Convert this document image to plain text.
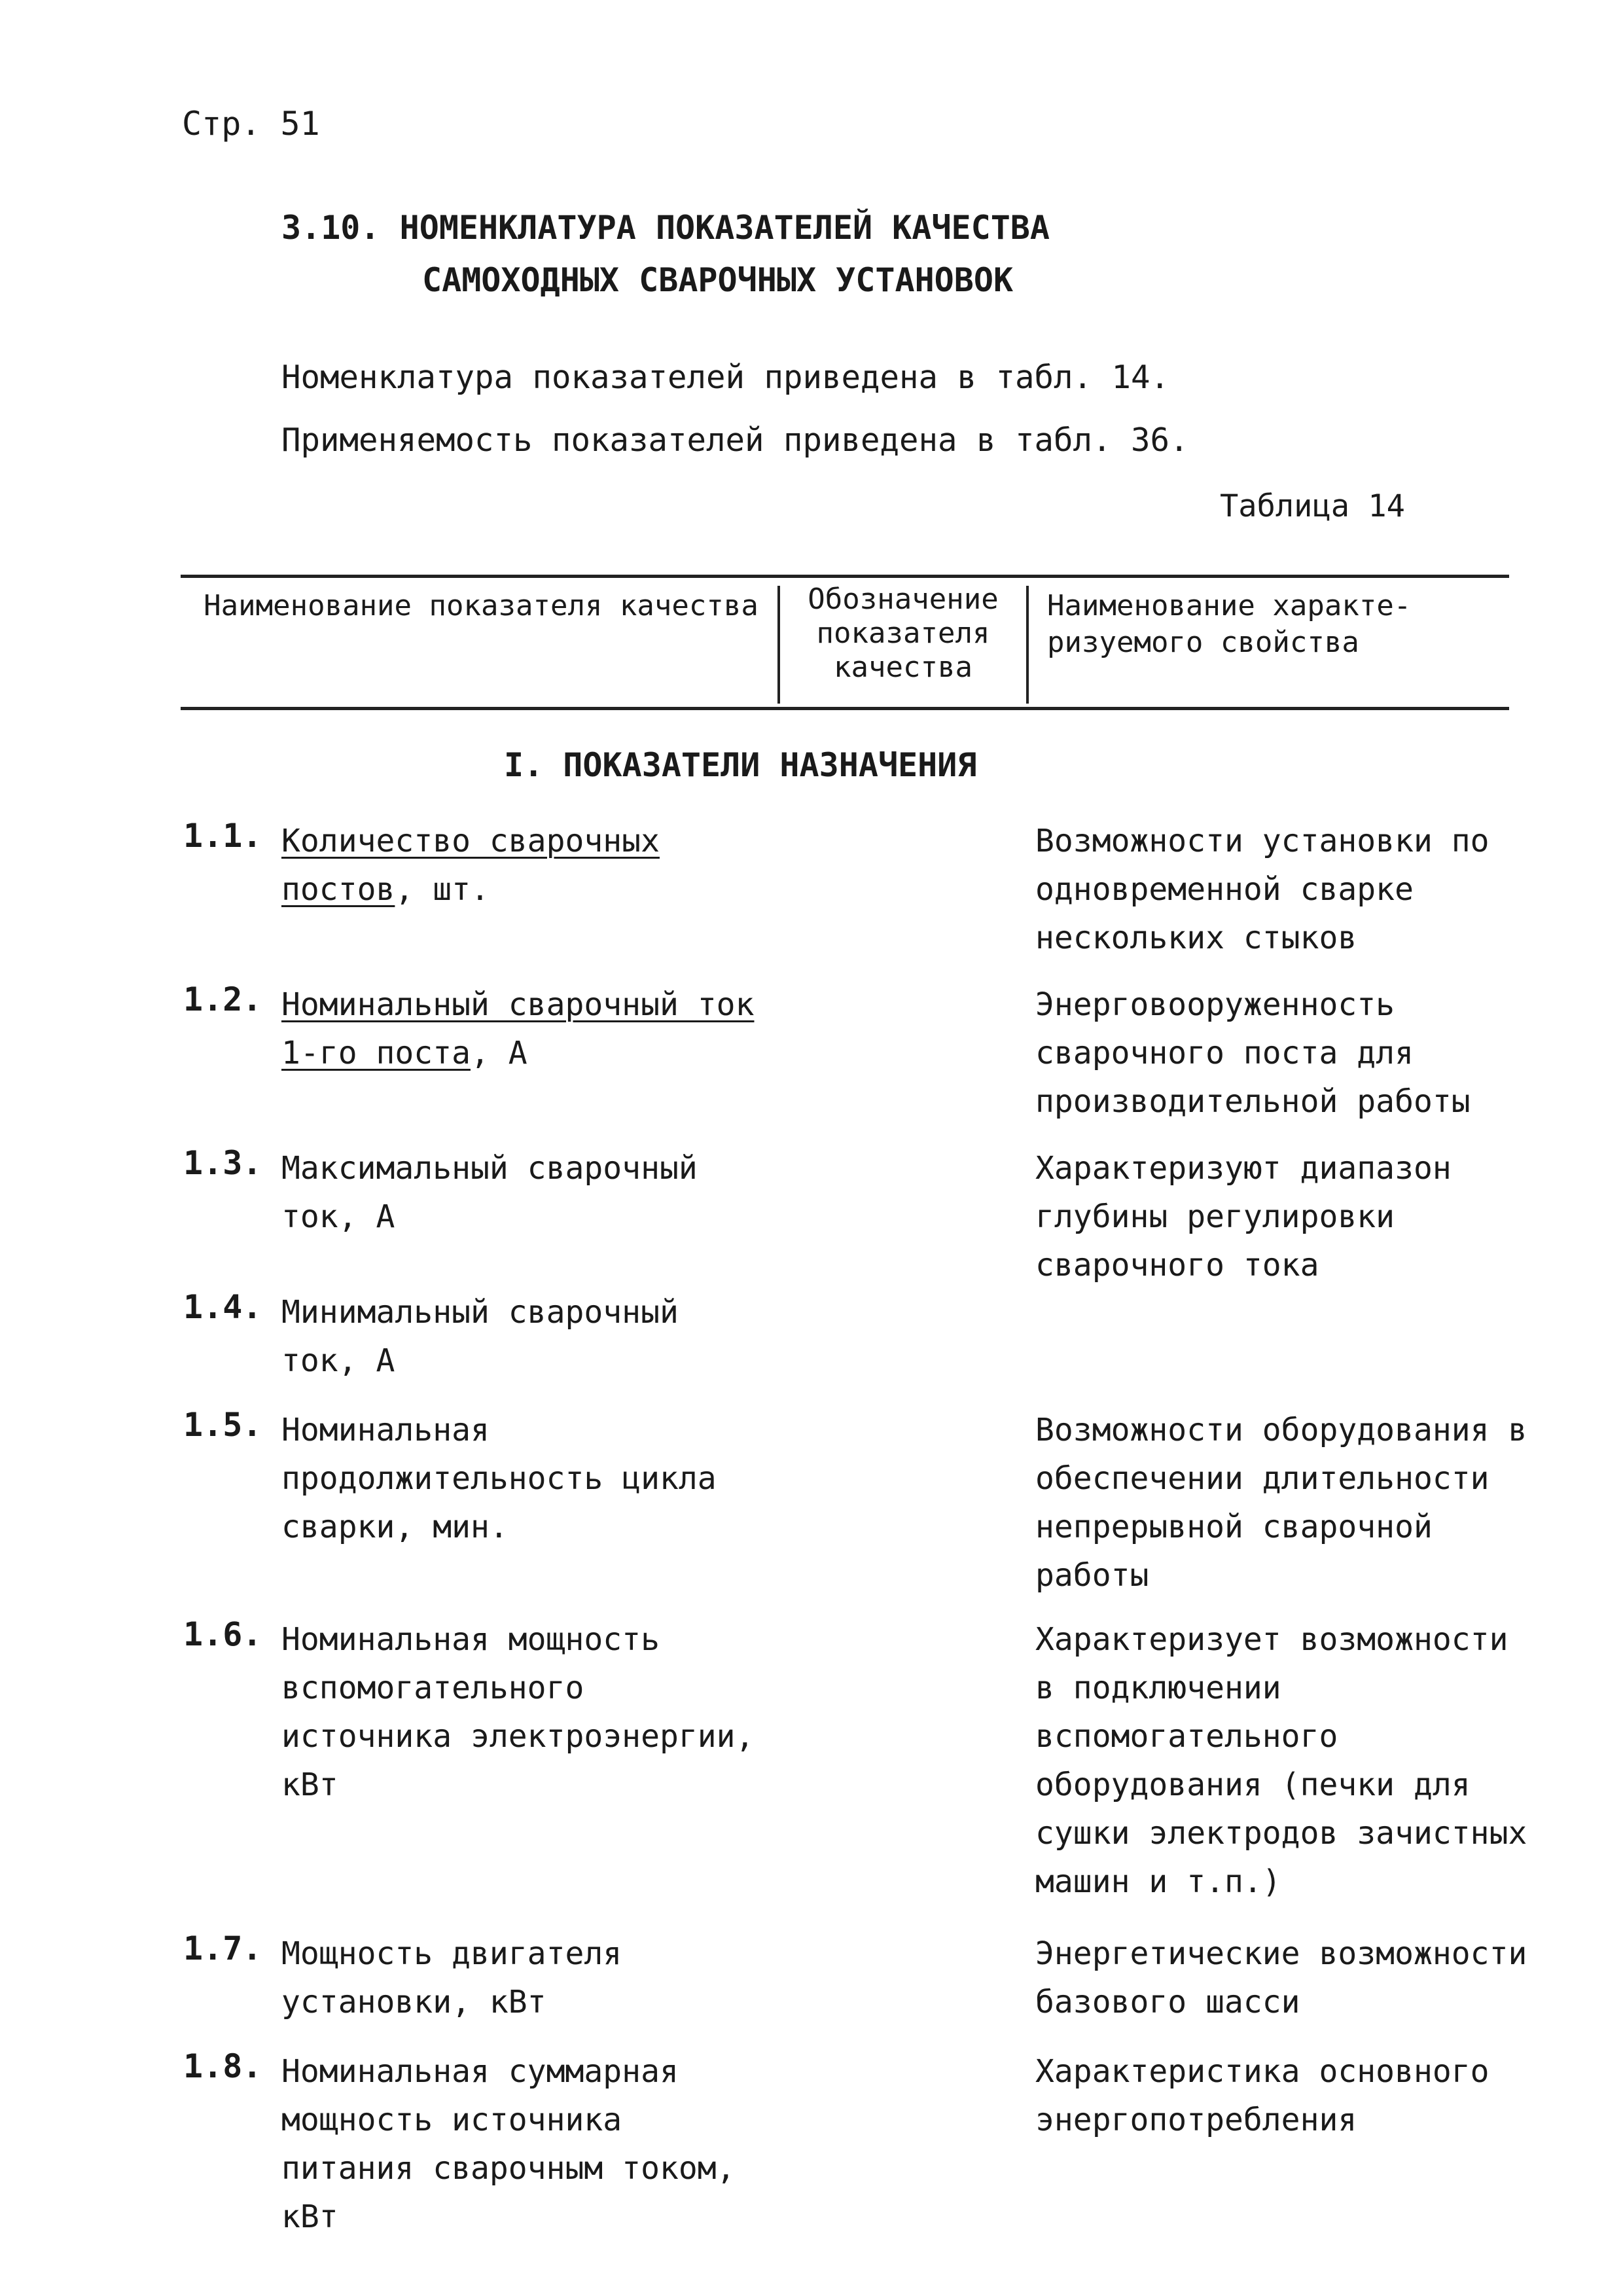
Стр. 51
3.10. НОМЕНКЛАТУРА ПОКАЗАТЕЛЕЙ КАЧЕСТВА
САМОХОДНЫХ СВАРОЧНЫХ УСТАНОВОК
Номенклатура показателей приведена в табл. 14.
Применяемость показателей приведена в табл. 36.
Таблица 14
Наименование показателя качества	Обозначение показателя качества
Наименование характе-ризуемого свойства
I. ПОКАЗАТЕЛИ НАЗНАЧЕНИЯ
1.1. Количество сварочных постов, шт.
Возможности установки по одновременной сварке нескольких стыков
1.2. Номинальный сварочный ток 1-го поста, А
Энерговооруженность сварочного поста для производительной работы
1.3. Максимальный сварочный ток, А
Характеризуют диапазон глубины регулировки сварочного тока
1.4. Минимальный сварочный ток, А
1.5. Номинальная продолжительность цикла сварки, мин.
Возможности оборудования в обеспечении длительности непрерывной сварочной работы
1.6. Номинальная мощность вспомогательного источника электроэнергии, кВт
Характеризует возможности в подключении вспомогательного оборудования (печки для сушки электродов зачистных машин и т.п.)
1.7. Мощность двигателя установки, кВт
Энергетические возможности базового шасси
1.8. Номинальная суммарная мощность источника питания сварочным током, кВт
Характеристика основного энергопотребления
